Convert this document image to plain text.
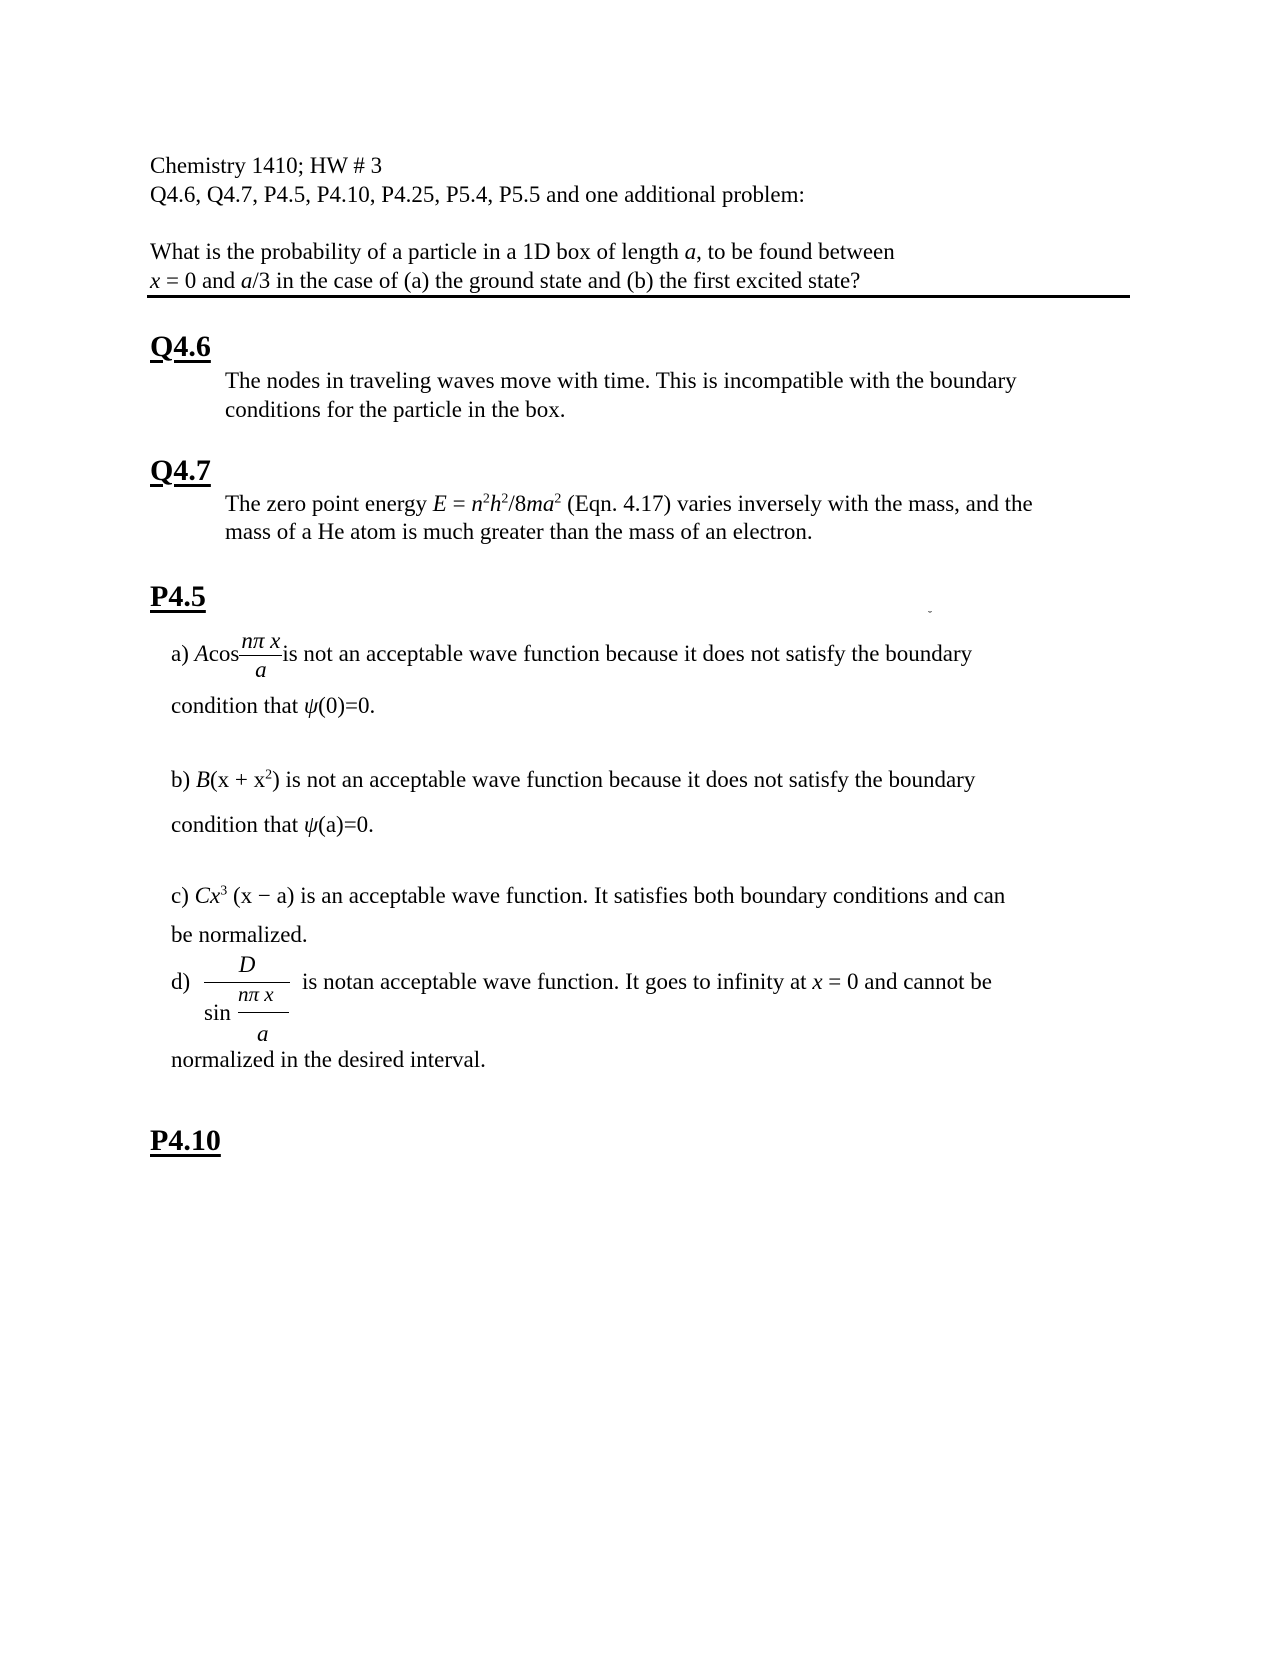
Chemistry 1410; HW # 3
Q4.6, Q4.7, P4.5, P4.10, P4.25, P5.4, P5.5 and one additional problem:
What is the probability of a particle in a 1D box of length a, to be found between
x = 0 and a/3 in the case of (a) the ground state and (b) the first excited state?
Q4.6
The nodes in traveling waves move with time. This is incompatible with the boundary conditions for the particle in the box.
Q4.7
The zero point energy $E = n^2h^2/8ma^2$ (Eqn. 4.17) varies inversely with the mass, and the
mass of a He atom is much greater than the mass of an electron.
P4.5
˘
a) Acos $\frac{\text{nπ x}}{a}$ is not an acceptable wave function because it does not satisfy the boundary
condition that ψ(0)=0.
b) $B(x + x^2)$ is not an acceptable wave function because it does not satisfy the boundary
condition that ψ(a)=0.
c) Cx$^3$ (x − a) is an acceptable wave function. It satisfies both boundary conditions and can
be normalized.
d)
D
sin
nπ x
a
is notan acceptable wave function. It goes to infinity at x = 0 and cannot be
normalized in the desired interval.
P4.10
